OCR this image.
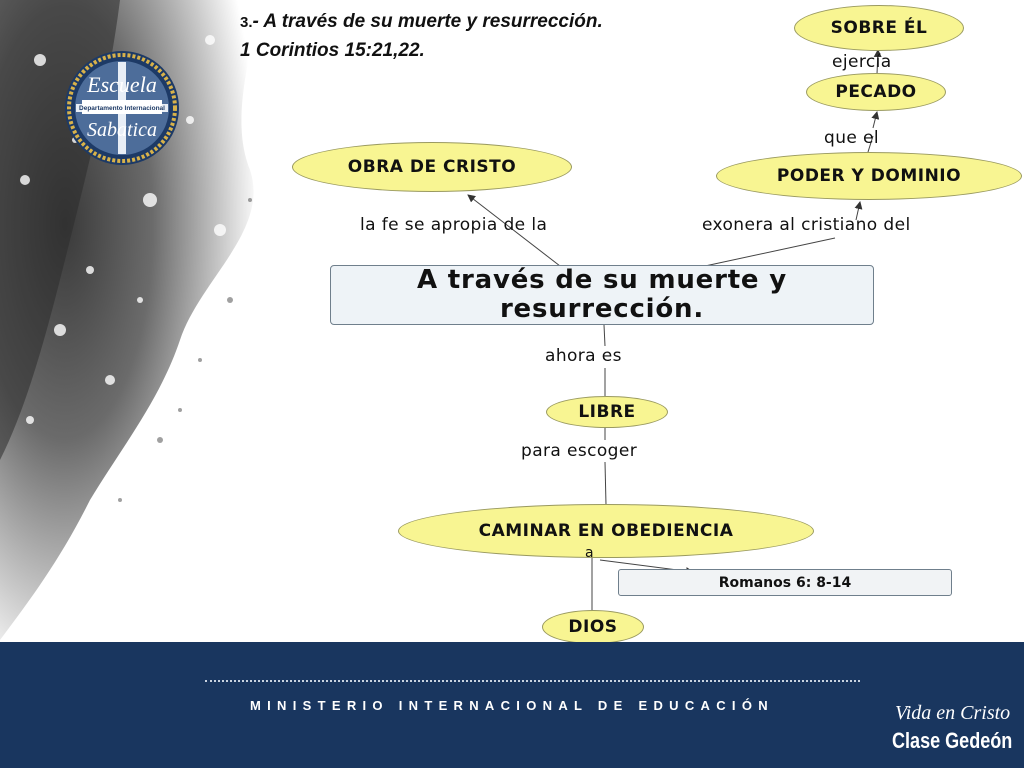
Escuela
Departamento Internacional
Sabatica
3.- A través de su muerte y resurrección.
1 Corintios 15:21,22.
SOBRE ÉL
PECADO
PODER Y DOMINIO
OBRA DE CRISTO
A través de su muerte y resurrección.
LIBRE
CAMINAR EN OBEDIENCIA
DIOS
Romanos 6: 8-14
ejercía
que el
la fe se apropia de la	exonera al cristiano del
ahora es
para escoger
a
MINISTERIO INTERNACIONAL DE EDUCACIÓN	Vida en Cristo
Clase Gedeón
